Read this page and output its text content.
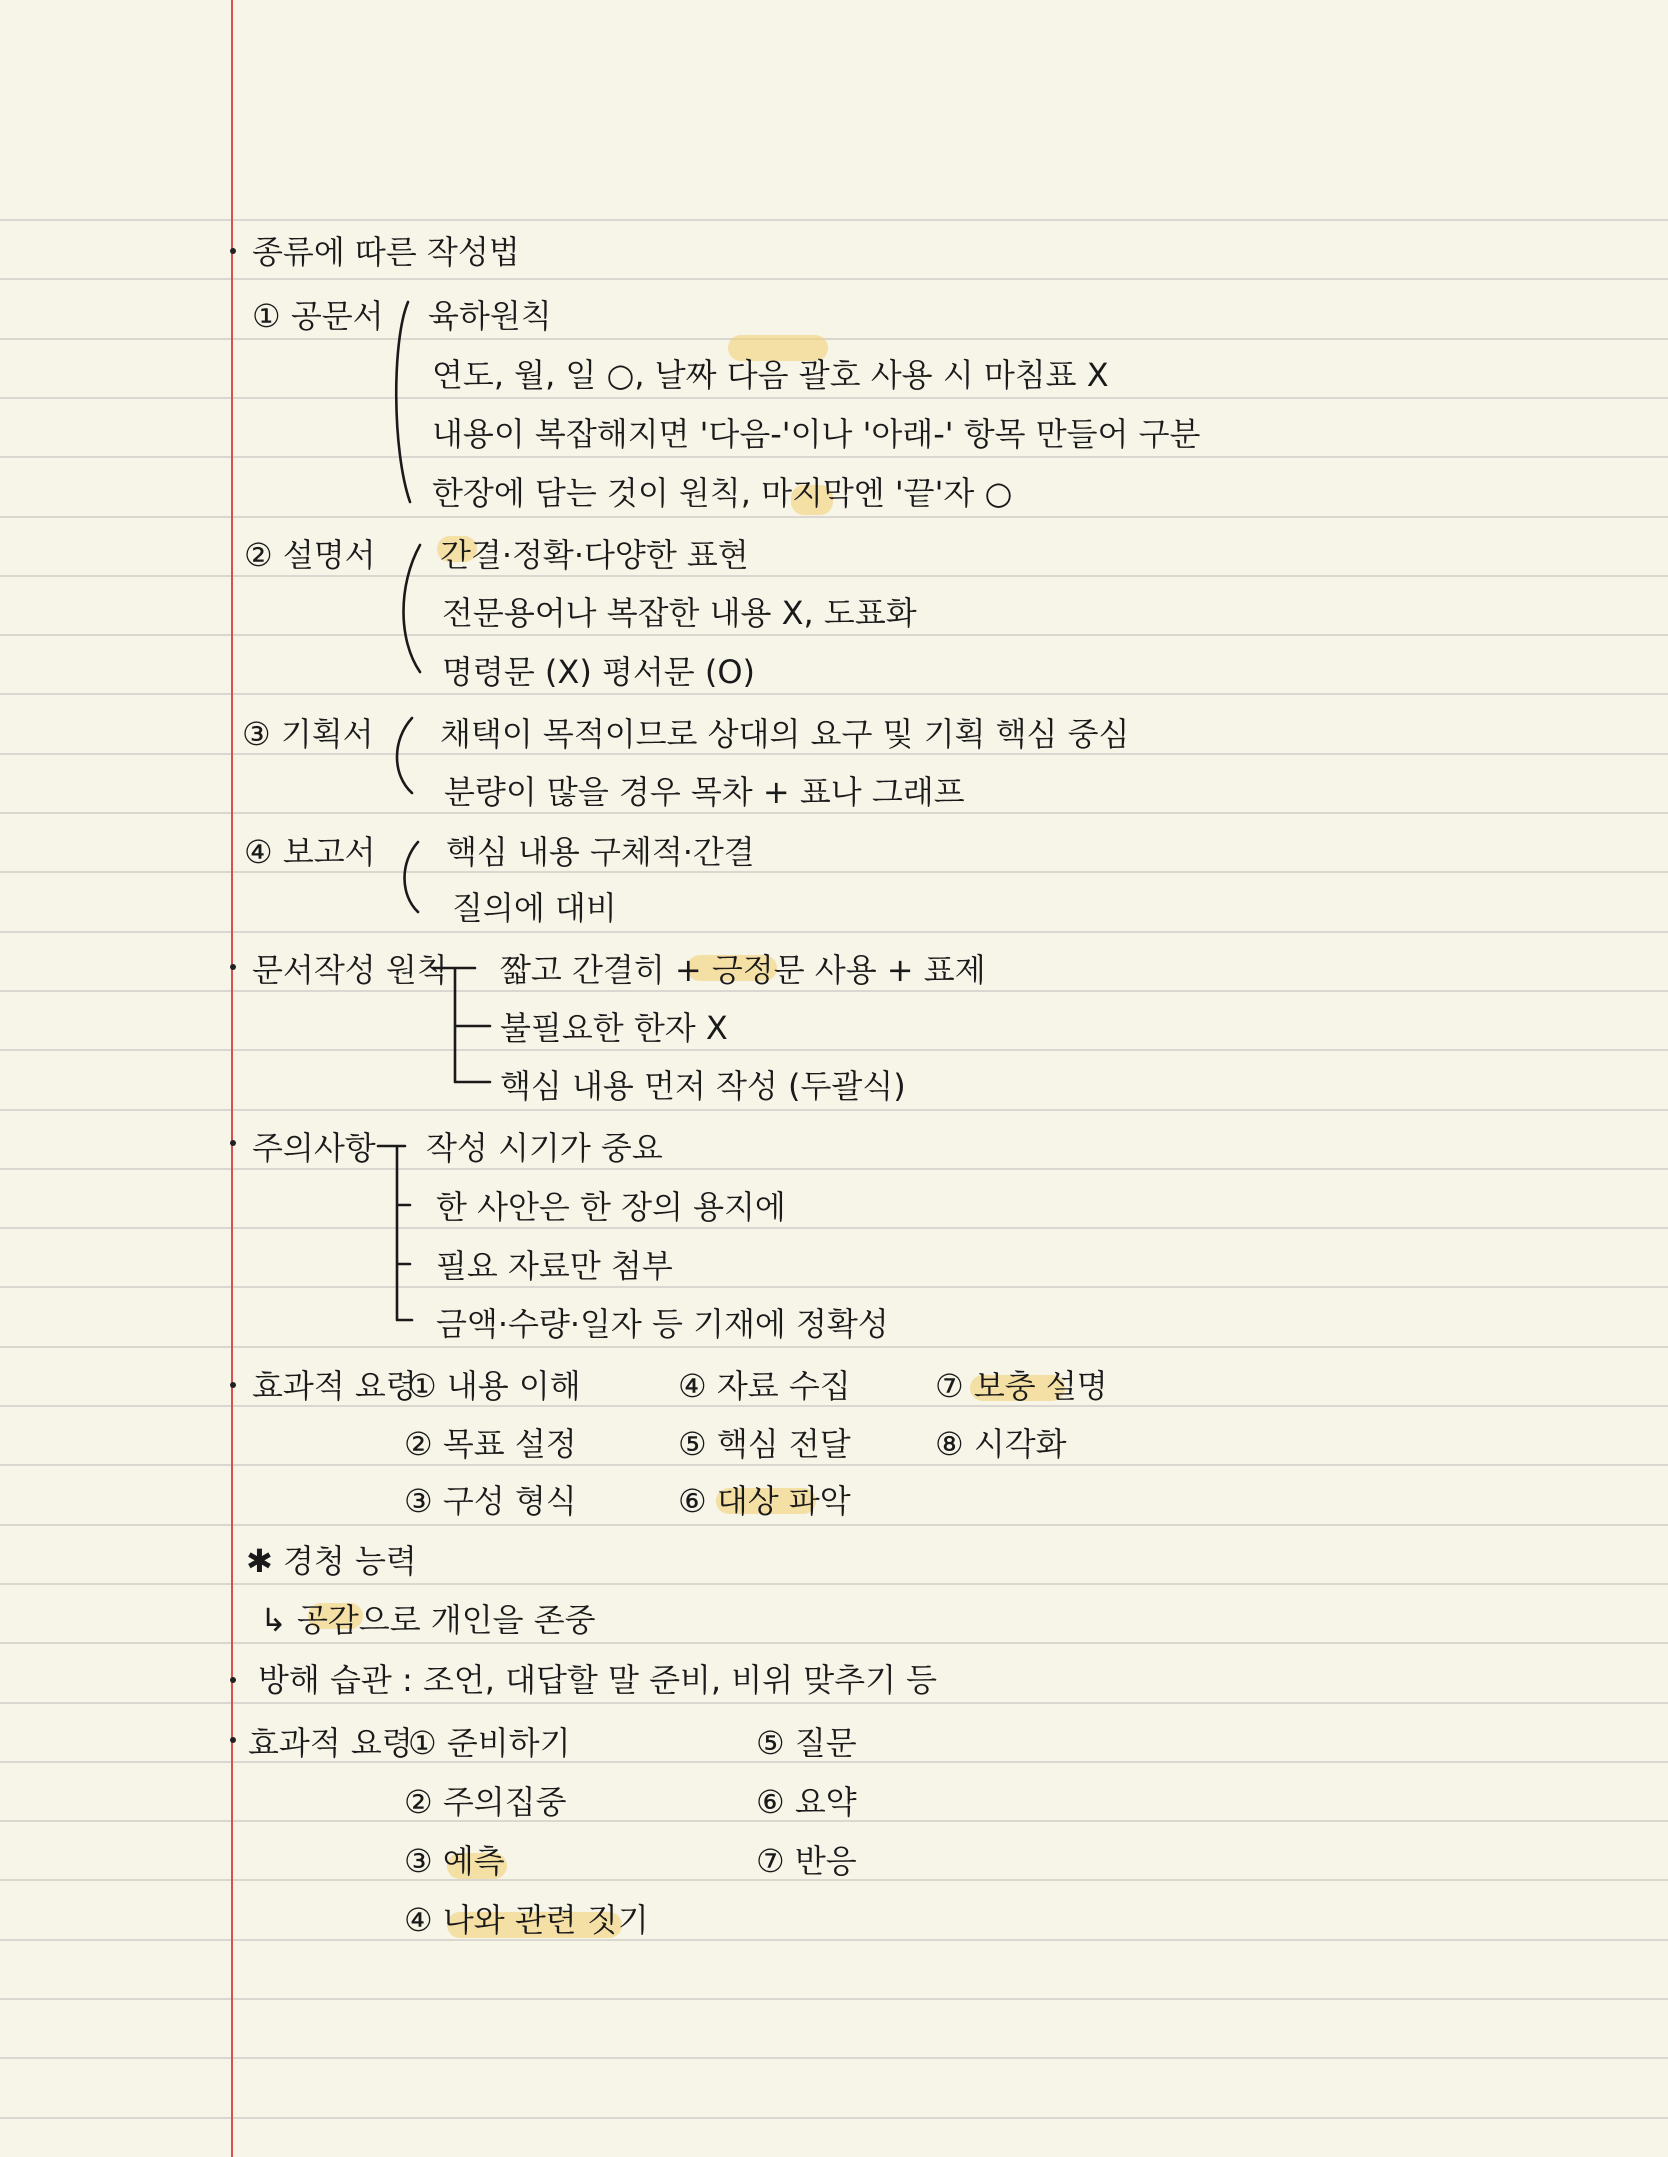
종류에 따른 작성법
① 공문서 육하원칙
연도, 월, 일 ○, 날짜 다음 괄호 사용 시 마침표 X
내용이 복잡해지면 '다음-'이나 '아래-' 항목 만들어 구분
한장에 담는 것이 원칙, 마지막엔 '끝'자 ○
② 설명서 간결·정확·다양한 표현
전문용어나 복잡한 내용 X, 도표화
명령문 (X) 평서문 (O)
③ 기획서 채택이 목적이므로 상대의 요구 및 기획 핵심 중심
분량이 많을 경우 목차 + 표나 그래프
④ 보고서 핵심 내용 구체적·간결
질의에 대비
문서작성 원칙 짧고 간결히 + 긍정문 사용 + 표제
불필요한 한자 X
핵심 내용 먼저 작성 (두괄식)
주의사항 작성 시기가 중요
한 사안은 한 장의 용지에
필요 자료만 첨부
금액·수량·일자 등 기재에 정확성
효과적 요령
① 내용 이해
② 목표 설정
③ 구성 형식
④ 자료 수집
⑤ 핵심 전달
⑥ 대상 파악
⑦ 보충 설명
⑧ 시각화
✱ 경청 능력
↳ 공감으로 개인을 존중
방해 습관 : 조언, 대답할 말 준비, 비위 맞추기 등
효과적 요령
① 준비하기
② 주의집중
③ 예측
④ 나와 관련 짓기
⑤ 질문
⑥ 요약
⑦ 반응
